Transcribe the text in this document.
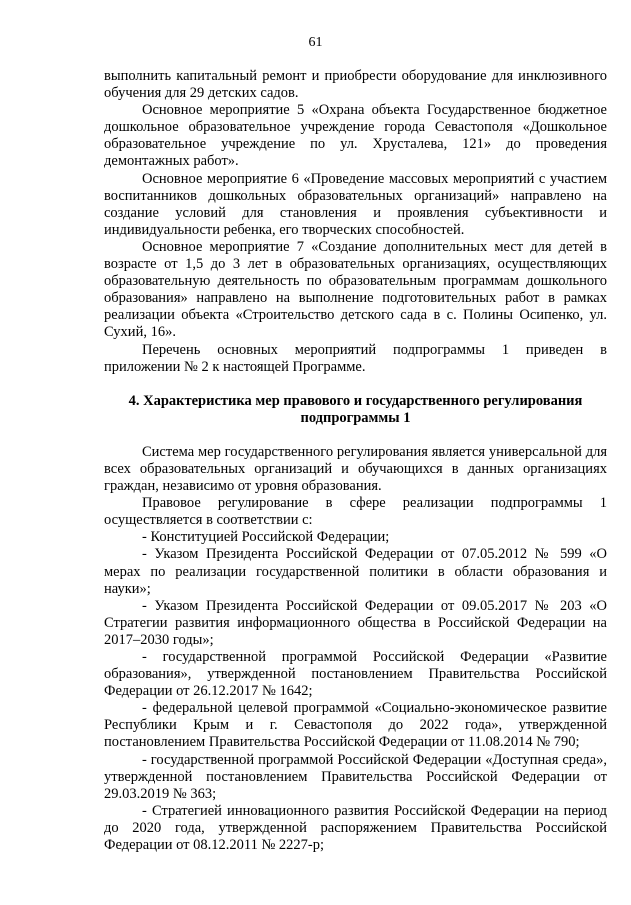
61

выполнить капитальный ремонт и приобрести оборудование для инклюзивного обучения для 29 детских садов.

Основное мероприятие 5 «Охрана объекта Государственное бюджетное дошкольное образовательное учреждение города Севастополя «Дошкольное образовательное учреждение по ул. Хрусталева, 121» до проведения демонтажных работ».

Основное мероприятие 6 «Проведение массовых мероприятий с участием воспитанников дошкольных образовательных организаций» направлено на создание условий для становления и проявления субъективности и индивидуальности ребенка, его творческих способностей.

Основное мероприятие 7 «Создание дополнительных мест для детей в возрасте от 1,5 до 3 лет в образовательных организациях, осуществляющих образовательную деятельность по образовательным программам дошкольного образования» направлено на выполнение подготовительных работ в рамках реализации объекта «Строительство детского сада в с. Полины Осипенко, ул. Сухий, 16».

Перечень основных мероприятий подпрограммы 1 приведен в приложении № 2 к настоящей Программе.

4. Характеристика мер правового и государственного регулирования подпрограммы 1

Система мер государственного регулирования является универсальной для всех образовательных организаций и обучающихся в данных организациях граждан, независимо от уровня образования.

Правовое регулирование в сфере реализации подпрограммы 1 осуществляется в соответствии с:

- Конституцией Российской Федерации;

- Указом Президента Российской Федерации от 07.05.2012 № 599 «О мерах по реализации государственной политики в области образования и науки»;

- Указом Президента Российской Федерации от 09.05.2017 № 203 «О Стратегии развития информационного общества в Российской Федерации на 2017–2030 годы»;

- государственной программой Российской Федерации «Развитие образования», утвержденной постановлением Правительства Российской Федерации от 26.12.2017 № 1642;

- федеральной целевой программой «Социально-экономическое развитие Республики Крым и г. Севастополя до 2022 года», утвержденной постановлением Правительства Российской Федерации от 11.08.2014 № 790;

- государственной программой Российской Федерации «Доступная среда», утвержденной постановлением Правительства Российской Федерации от 29.03.2019 № 363;

- Стратегией инновационного развития Российской Федерации на период до 2020 года, утвержденной распоряжением Правительства Российской Федерации от 08.12.2011 № 2227-р;
